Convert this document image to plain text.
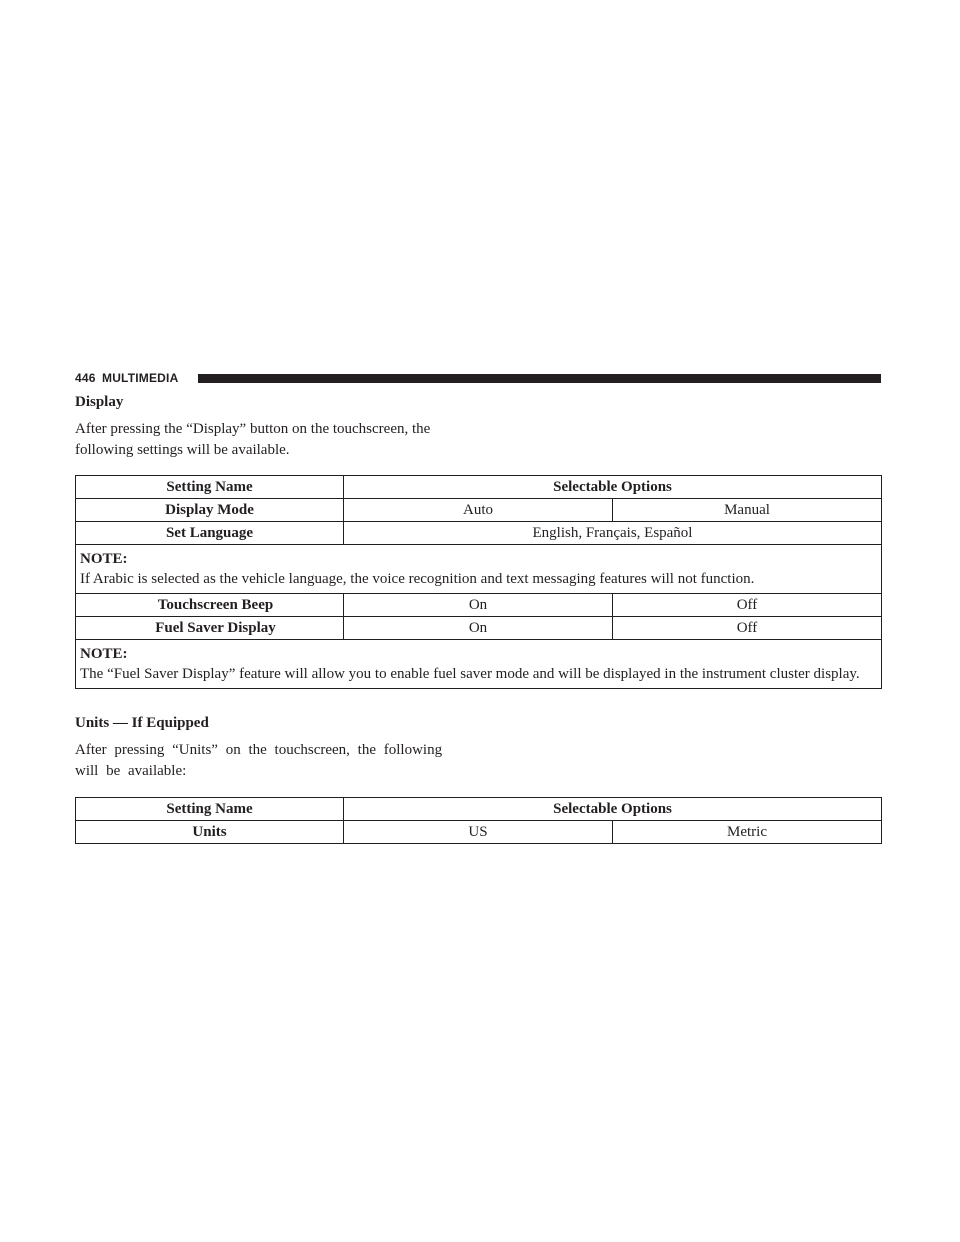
446 MULTIMEDIA
Display
After pressing the “Display” button on the touchscreen, the
following settings will be available.
Setting Name	Selectable Options	
Display Mode	Auto	Manual
Set Language	English, Français, Español	

NOTE:
If Arabic is selected as the vehicle language, the voice recognition and text messaging features will not function.		
Touchscreen Beep	On	Off
Fuel Saver Display	On	Off

NOTE:
The “Fuel Saver Display” feature will allow you to enable fuel saver mode and will be displayed in the instrument cluster display.		
Units — If Equipped
After pressing “Units” on the touchscreen, the following
will be available:
Setting Name	Selectable Options	
Units	US	Metric
